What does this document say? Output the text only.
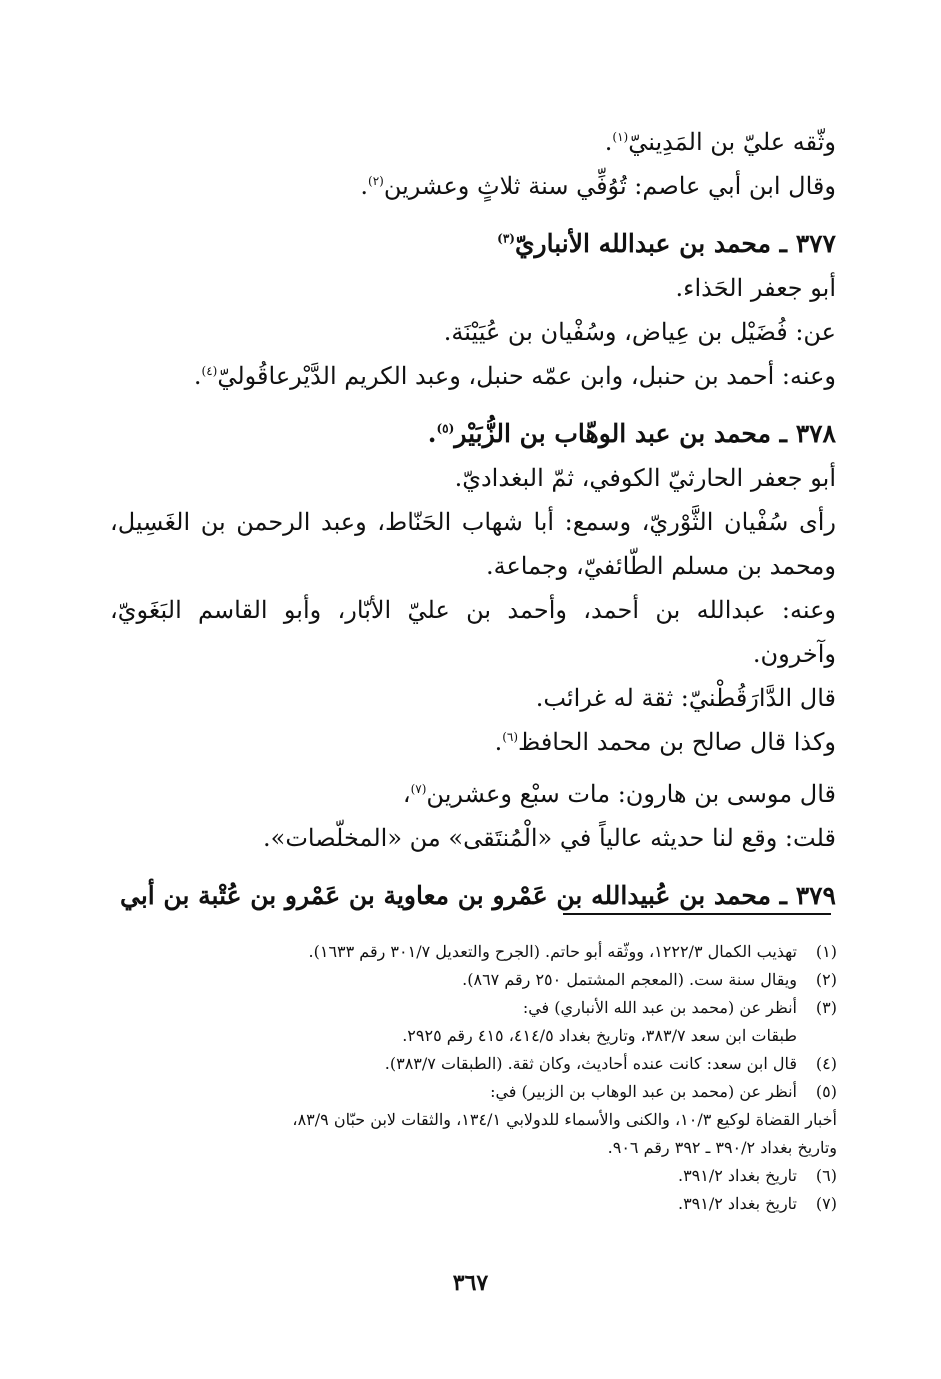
وثّقه عليّ بن المَدِينيّ$^{(١)}$.
وقال ابن أبي عاصم: تُوُفِّي سنة ثلاثٍ وعشرين$^{(٢)}$.
٣٧٧ ـ محمد بن عبدالله الأنباريّ$^{(٣)}$
أبو جعفر الحَذاء.
عن: فُضَيْل بن عِياض، وسُفْيان بن عُيَيْنَة.
وعنه: أحمد بن حنبل، وابن عمّه حنبل، وعبد الكريم الدَّيْرعاقُوليّ$^{(٤)}$.
٣٧٨ ـ محمد بن عبد الوهّاب بن الزُّبَيْر$^{(٥)}$.
أبو جعفر الحارثيّ الكوفي، ثمّ البغداديّ.
رأى سُفْيان الثَّوْريّ، وسمع: أبا شهاب الحَنّاط، وعبد الرحمن بن الغَسِيل، ومحمد بن مسلم الطّائفيّ، وجماعة.
وعنه: عبدالله بن أحمد، وأحمد بن عليّ الأبّار، وأبو القاسم البَغَويّ، وآخرون.
قال الدَّارَقُطْنيّ: ثقة له غرائب.
وكذا قال صالح بن محمد الحافظ$^{(٦)}$.
قال موسى بن هارون: مات سبْع وعشرين$^{(٧)}$،
قلت: وقع لنا حديثه عالياً في «الْمُنتَقى» من «المخلّصات».
٣٧٩ ـ محمد بن عُبيدالله بن عَمْرو بن معاوية بن عَمْرو بن عُتْبة بن أبي
(١)
تهذيب الكمال ١٢٢٢/٣، ووثّقه أبو حاتم. (الجرح والتعديل ٣٠١/٧ رقم ١٦٣٣).
(٢)
ويقال سنة ست. (المعجم المشتمل ٢٥٠ رقم ٨٦٧).
(٣)
أنظر عن (محمد بن عبد الله الأنباري) في:
طبقات ابن سعد ٣٨٣/٧، وتاريخ بغداد ٤١٤/٥، ٤١٥ رقم ٢٩٢٥.
(٤)
قال ابن سعد: كانت عنده أحاديث، وكان ثقة. (الطبقات ٣٨٣/٧).
(٥)
أنظر عن (محمد بن عبد الوهاب بن الزبير) في:
أخبار القضاة لوكيع ١٠/٣، والكنى والأسماء للدولابي ١٣٤/١، والثقات لابن حبّان ٨٣/٩،
وتاريخ بغداد ٣٩٠/٢ ـ ٣٩٢ رقم ٩٠٦.
(٦)
تاريخ بغداد ٣٩١/٢.
(٧)
تاريخ بغداد ٣٩١/٢.
٣٦٧
